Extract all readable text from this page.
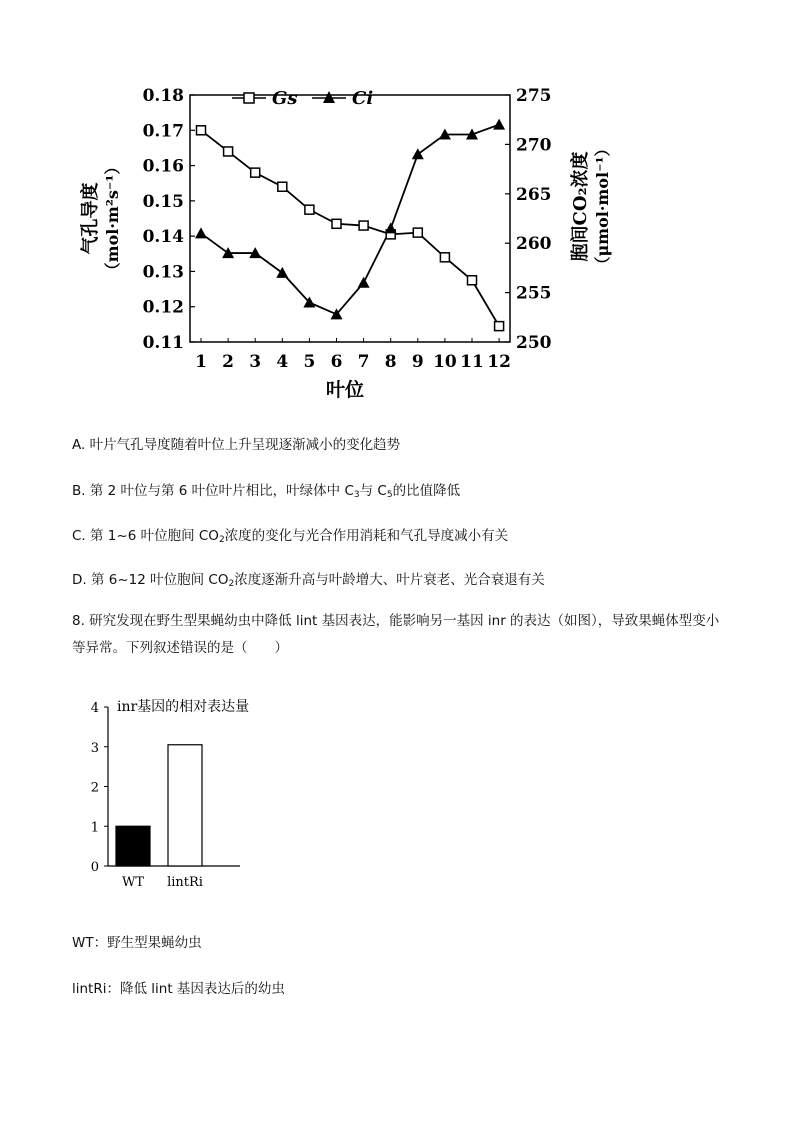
0.18
0.17
0.16
0.15
0.14
0.13
0.12
0.11
275
270
265
260
255
250
1 2 3 4 5 6 7 8 9 10 11 12
叶位
气孔导度 （mol·m²s⁻¹）	胞间CO₂浓度 （μmol·mol⁻¹）
Gs	Ci
A. 叶片气孔导度随着叶位上升呈现逐渐减小的变化趋势
B. 第 2 叶位与第 6 叶位叶片相比，叶绿体中 $C_3$与 $C_5$的比值降低
C. 第 1~6 叶位胞间 $CO_2$浓度的变化与光合作用消耗和气孔导度减小有关
D. 第 6~12 叶位胞间 $CO_2$浓度逐渐升高与叶龄增大、叶片衰老、光合衰退有关
8. 研究发现在野生型果蝇幼虫中降低 lint 基因表达，能影响另一基因 inr 的表达（如图），导致果蝇体型变小等异常。下列叙述错误的是（　　）
4
3
2
1
0
inr基因的相对表达量
WT lintRi
WT：野生型果蝇幼虫
lintRi：降低 lint 基因表达后的幼虫
